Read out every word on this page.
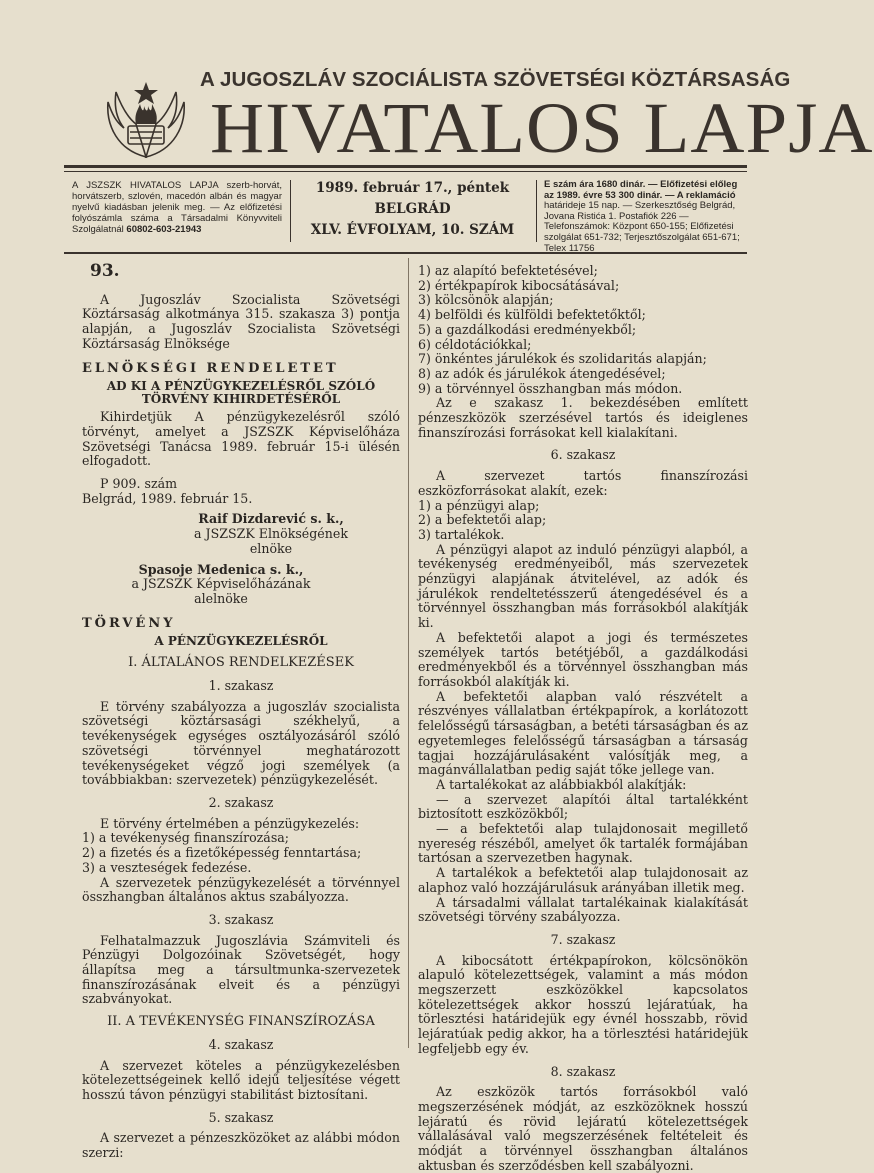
A JUGOSZLÁV SZOCIÁLISTA SZÖVETSÉGI KÖZTÁRSASÁG
HIVATALOS LAPJA
A JSZSZK HIVATALOS LAPJA szerb-horvát, horvátszerb, szlovén, macedón albán és magyar nyelvű kiadásban jelenik meg. — Az előfizetési folyószámla száma a Társadalmi Könyvviteli Szolgálatnál 60802-603-21943
1989. február 17., péntek
BELGRÁD
XLV. ÉVFOLYAM, 10. SZÁM
E szám ára 1680 dinár. — Előfizetési előleg az 1989. évre 53 300 dinár. — A reklamáció határideje 15 nap. — Szerkesztőség Belgrád, Jovana Ristića 1. Postafiók 226 — Telefonszámok: Központ 650-155; Előfizetési szolgálat 651-732; Terjesztőszolgálat 651-671; Telex 11756

93.

A Jugoszláv Szocialista Szövetségi Köztársaság alkotmánya 315. szakasza 3) pontja alapján, a Jugoszláv Szocialista Szövetségi Köztársaság Elnöksége

ELNÖKSÉGI RENDELETET

AD KI A PÉNZÜGYKEZELÉSRŐL SZÓLÓ TÖRVÉNY KIHIRDETÉSÉRŐL

Kihirdetjük A pénzügykezelésről szóló törvényt, amelyet a JSZSZK Képviselőháza Szövetségi Tanácsa 1989. február 15-i ülésén elfogadott.

P 909. szám

Belgrád, 1989. február 15.

Raif Dizdarević s. k.,

a JSZSZK Elnökségének

elnöke

Spasoje Medenica s. k.,

a JSZSZK Képviselőházának

alelnöke

TÖRVÉNY

A PÉNZÜGYKEZELÉSRŐL

I. ÁLTALÁNOS RENDELKEZÉSEK

1. szakasz

E törvény szabályozza a jugoszláv szocialista szövetségi köztársasági székhelyű, a tevékenységek egységes osztályozásáról szóló szövetségi törvénnyel meghatározott tevékenységeket végző jogi személyek (a továbbiakban: szervezetek) pénzügykezelését.

2. szakasz

E törvény értelmében a pénzügykezelés:

1) a tevékenység finanszírozása;

2) a fizetés és a fizetőképesség fenntartása;

3) a veszteségek fedezése.

A szervezetek pénzügykezelését a törvénnyel összhangban általános aktus szabályozza.

3. szakasz

Felhatalmazzuk Jugoszlávia Számviteli és Pénzügyi Dolgozóinak Szövetségét, hogy állapítsa meg a társultmunka-szervezetek finanszírozásának elveit és a pénzügyi szabványokat.

II. A TEVÉKENYSÉG FINANSZÍROZÁSA

4. szakasz

A szervezet köteles a pénzügykezelésben kötelezettségeinek kellő idejű teljesítése végett hosszú távon pénzügyi stabilitást biztosítani.

5. szakasz

A szervezet a pénzeszközöket az alábbi módon szerzi:

1) az alapító befektetésével;

2) értékpapírok kibocsátásával;

3) kölcsönök alapján;

4) belföldi és külföldi befektetőktől;

5) a gazdálkodási eredményekből;

6) céldotációkkal;

7) önkéntes járulékok és szolidaritás alapján;

8) az adók és járulékok átengedésével;

9) a törvénnyel összhangban más módon.

Az e szakasz 1. bekezdésében említett pénzeszközök szerzésével tartós és ideiglenes finanszírozási forrásokat kell kialakítani.

6. szakasz

A szervezet tartós finanszírozási eszközforrásokat alakít, ezek:

1) a pénzügyi alap;

2) a befektetői alap;

3) tartalékok.

A pénzügyi alapot az induló pénzügyi alapból, a tevékenység eredményeiből, más szervezetek pénzügyi alapjának átvitelével, az adók és járulékok rendeltetésszerű átengedésével és a törvénnyel összhangban más forrásokból alakítják ki.

A befektetői alapot a jogi és természetes személyek tartós betétjéből, a gazdálkodási eredményekből és a törvénnyel összhangban más forrásokból alakítják ki.

A befektetői alapban való részvételt a részvényes vállalatban értékpapírok, a korlátozott felelősségű társaságban, a betéti társaságban és az egyetemleges felelősségű társaságban a társaság tagjai hozzájárulásaként valósítják meg, a magánvállalatban pedig saját tőke jellege van.

A tartalékokat az alábbiakból alakítják:

— a szervezet alapítói által tartalékként biztosított eszközökből;

— a befektetői alap tulajdonosait megillető nyereség részéből, amelyet ők tartalék formájában tartósan a szervezetben hagynak.

A tartalékok a befektetői alap tulajdonosait az alaphoz való hozzájárulásuk arányában illetik meg.

A társadalmi vállalat tartalékainak kialakítását szövetségi törvény szabályozza.

7. szakasz

A kibocsátott értékpapírokon, kölcsönökön alapuló kötelezettségek, valamint a más módon megszerzett eszközökkel kapcsolatos kötelezettségek akkor hosszú lejáratúak, ha törlesztési határidejük egy évnél hosszabb, rövid lejáratúak pedig akkor, ha a törlesztési határidejük legfeljebb egy év.

8. szakasz

Az eszközök tartós forrásokból való megszerzésének módját, az eszközöknek hosszú lejáratú és rövid lejáratú kötelezettségek vállalásával való megszerzésének feltételeit és módját a törvénnyel összhangban általános aktusban és szerződésben kell szabályozni.
